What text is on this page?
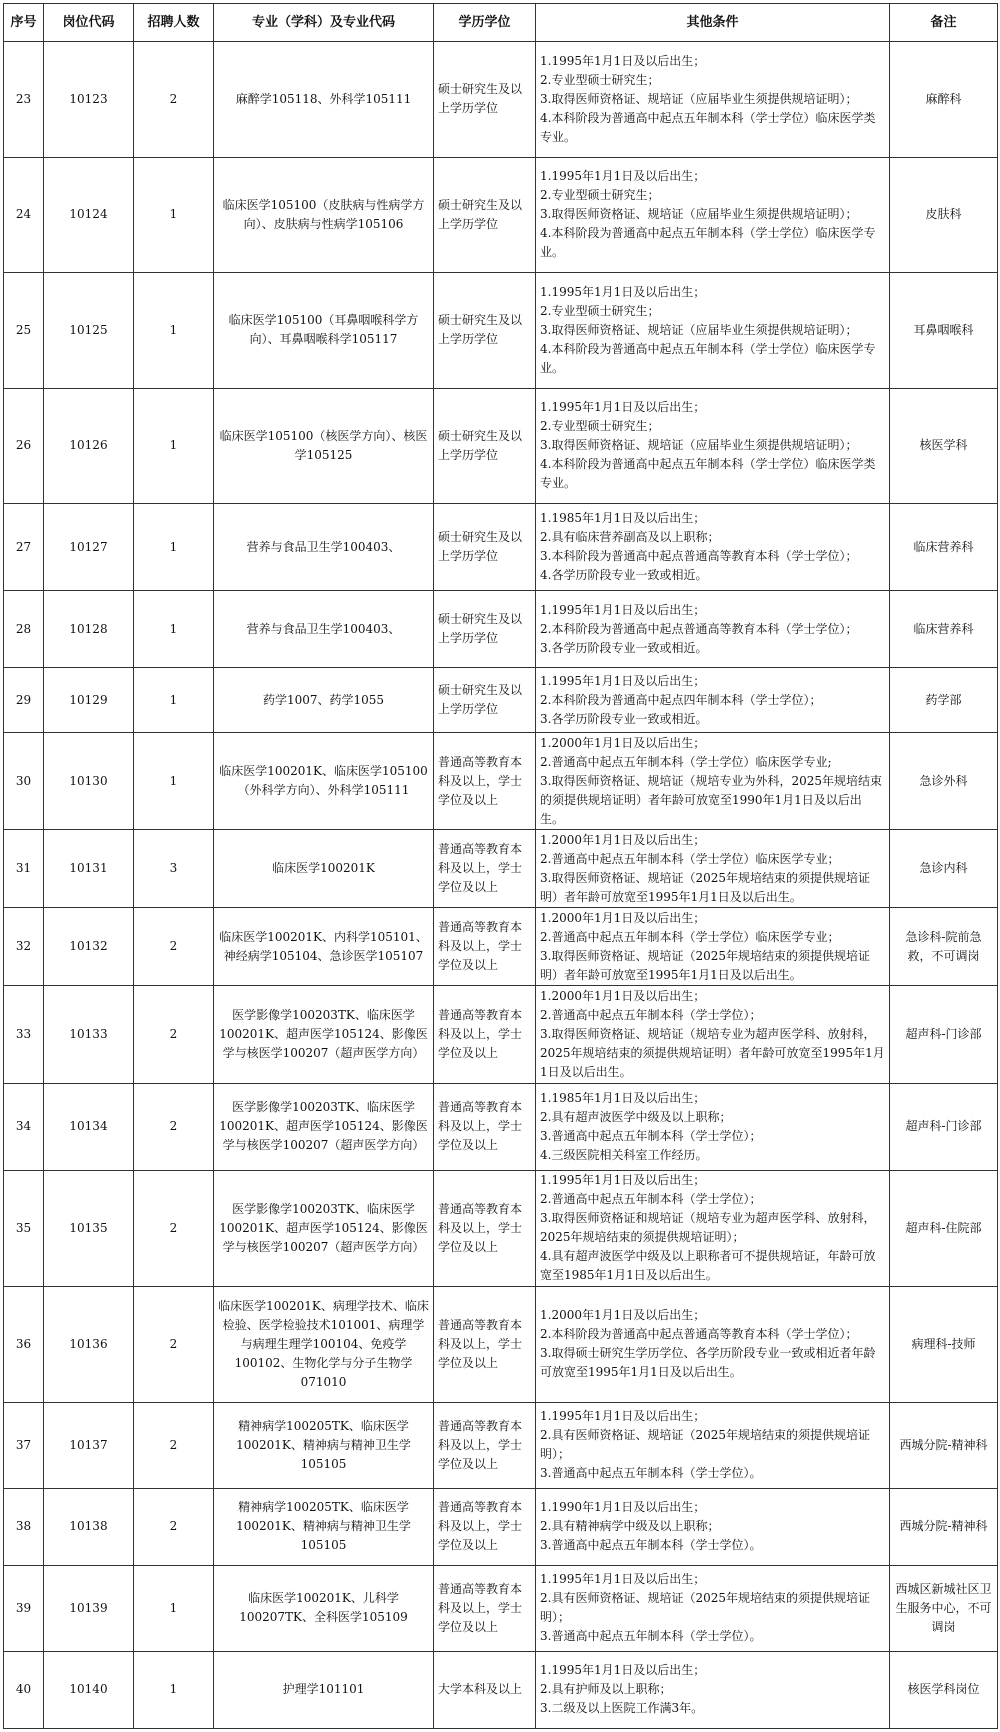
序号	岗位代码	招聘人数	专业（学科）及专业代码	学历学位	其他条件	备注
23	10123	2	麻醉学105118、外科学105111	硕士研究生及以上学历学位	1.1995年1月1日及以后出生；
2.专业型硕士研究生；
3.取得医师资格证、规培证（应届毕业生须提供规培证明）；
4.本科阶段为普通高中起点五年制本科（学士学位）临床医学类专业。	麻醉科
24	10124	1	临床医学105100（皮肤病与性病学方向）、皮肤病与性病学105106	硕士研究生及以上学历学位	1.1995年1月1日及以后出生；
2.专业型硕士研究生；
3.取得医师资格证、规培证（应届毕业生须提供规培证明）；
4.本科阶段为普通高中起点五年制本科（学士学位）临床医学专业。	皮肤科
25	10125	1	临床医学105100（耳鼻咽喉科学方向）、耳鼻咽喉科学105117	硕士研究生及以上学历学位	1.1995年1月1日及以后出生；
2.专业型硕士研究生；
3.取得医师资格证、规培证（应届毕业生须提供规培证明）；
4.本科阶段为普通高中起点五年制本科（学士学位）临床医学专业。	耳鼻咽喉科
26	10126	1	临床医学105100（核医学方向）、核医学105125	硕士研究生及以上学历学位	1.1995年1月1日及以后出生；
2.专业型硕士研究生；
3.取得医师资格证、规培证（应届毕业生须提供规培证明）；
4.本科阶段为普通高中起点五年制本科（学士学位）临床医学类专业。	核医学科
27	10127	1	营养与食品卫生学100403、	硕士研究生及以上学历学位	1.1985年1月1日及以后出生；
2.具有临床营养副高及以上职称；
3.本科阶段为普通高中起点普通高等教育本科（学士学位）；
4.各学历阶段专业一致或相近。	临床营养科
28	10128	1	营养与食品卫生学100403、	硕士研究生及以上学历学位	1.1995年1月1日及以后出生；
2.本科阶段为普通高中起点普通高等教育本科（学士学位）；
3.各学历阶段专业一致或相近。	临床营养科
29	10129	1	药学1007、药学1055	硕士研究生及以上学历学位	1.1995年1月1日及以后出生；
2.本科阶段为普通高中起点四年制本科（学士学位）；
3.各学历阶段专业一致或相近。	药学部
30	10130	1	临床医学100201K、临床医学105100（外科学方向）、外科学105111	普通高等教育本科及以上，学士学位及以上	1.2000年1月1日及以后出生；
2.普通高中起点五年制本科（学士学位）临床医学专业;
3.取得医师资格证、规培证（规培专业为外科，2025年规培结束的须提供规培证明）者年龄可放宽至1990年1月1日及以后出生。	急诊外科
31	10131	3	临床医学100201K	普通高等教育本科及以上，学士学位及以上	1.2000年1月1日及以后出生；
2.普通高中起点五年制本科（学士学位）临床医学专业；
3.取得医师资格证、规培证（2025年规培结束的须提供规培证明）者年龄可放宽至1995年1月1日及以后出生。	急诊内科
32	10132	2	临床医学100201K、内科学105101、神经病学105104、急诊医学105107	普通高等教育本科及以上，学士学位及以上	1.2000年1月1日及以后出生；
2.普通高中起点五年制本科（学士学位）临床医学专业；
3.取得医师资格证、规培证（2025年规培结束的须提供规培证明）者年龄可放宽至1995年1月1日及以后出生。	急诊科-院前急救，不可调岗
33	10133	2	医学影像学100203TK、临床医学100201K、超声医学105124、影像医学与核医学100207（超声医学方向）	普通高等教育本科及以上，学士学位及以上	1.2000年1月1日及以后出生；
2.普通高中起点五年制本科（学士学位）；
3.取得医师资格证、规培证（规培专业为超声医学科、放射科，2025年规培结束的须提供规培证明）者年龄可放宽至1995年1月1日及以后出生。	超声科-门诊部
34	10134	2	医学影像学100203TK、临床医学100201K、超声医学105124、影像医学与核医学100207（超声医学方向）	普通高等教育本科及以上，学士学位及以上	1.1985年1月1日及以后出生；
2.具有超声波医学中级及以上职称；
3.普通高中起点五年制本科（学士学位）；
4.三级医院相关科室工作经历。	超声科-门诊部
35	10135	2	医学影像学100203TK、临床医学100201K、超声医学105124、影像医学与核医学100207（超声医学方向）	普通高等教育本科及以上，学士学位及以上	1.1995年1月1日及以后出生；
2.普通高中起点五年制本科（学士学位）；
3.取得医师资格证和规培证（规培专业为超声医学科、放射科，2025年规培结束的须提供规培证明）；
4.具有超声波医学中级及以上职称者可不提供规培证，年龄可放宽至1985年1月1日及以后出生。	超声科-住院部
36	10136	2	临床医学100201K、病理学技术、临床检验、医学检验技术101001、病理学与病理生理学100104、免疫学100102、生物化学与分子生物学071010	普通高等教育本科及以上，学士学位及以上	1.2000年1月1日及以后出生；
2.本科阶段为普通高中起点普通高等教育本科（学士学位）；
3.取得硕士研究生学历学位、各学历阶段专业一致或相近者年龄可放宽至1995年1月1日及以后出生。	病理科-技师
37	10137	2	精神病学100205TK、临床医学100201K、精神病与精神卫生学105105	普通高等教育本科及以上，学士学位及以上	1.1995年1月1日及以后出生；
2.具有医师资格证、规培证（2025年规培结束的须提供规培证明）；
3.普通高中起点五年制本科（学士学位）。	西城分院-精神科
38	10138	2	精神病学100205TK、临床医学100201K、精神病与精神卫生学105105	普通高等教育本科及以上，学士学位及以上	1.1990年1月1日及以后出生；
2.具有精神病学中级及以上职称；
3.普通高中起点五年制本科（学士学位）。	西城分院-精神科
39	10139	1	临床医学100201K、儿科学100207TK、全科医学105109	普通高等教育本科及以上，学士学位及以上	1.1995年1月1日及以后出生；
2.具有医师资格证、规培证（2025年规培结束的须提供规培证明）；
3.普通高中起点五年制本科（学士学位）。	西城区新城社区卫生服务中心，不可调岗
40	10140	1	护理学101101	大学本科及以上	1.1995年1月1日及以后出生；
2.具有护师及以上职称；
3.二级及以上医院工作满3年。	核医学科岗位
